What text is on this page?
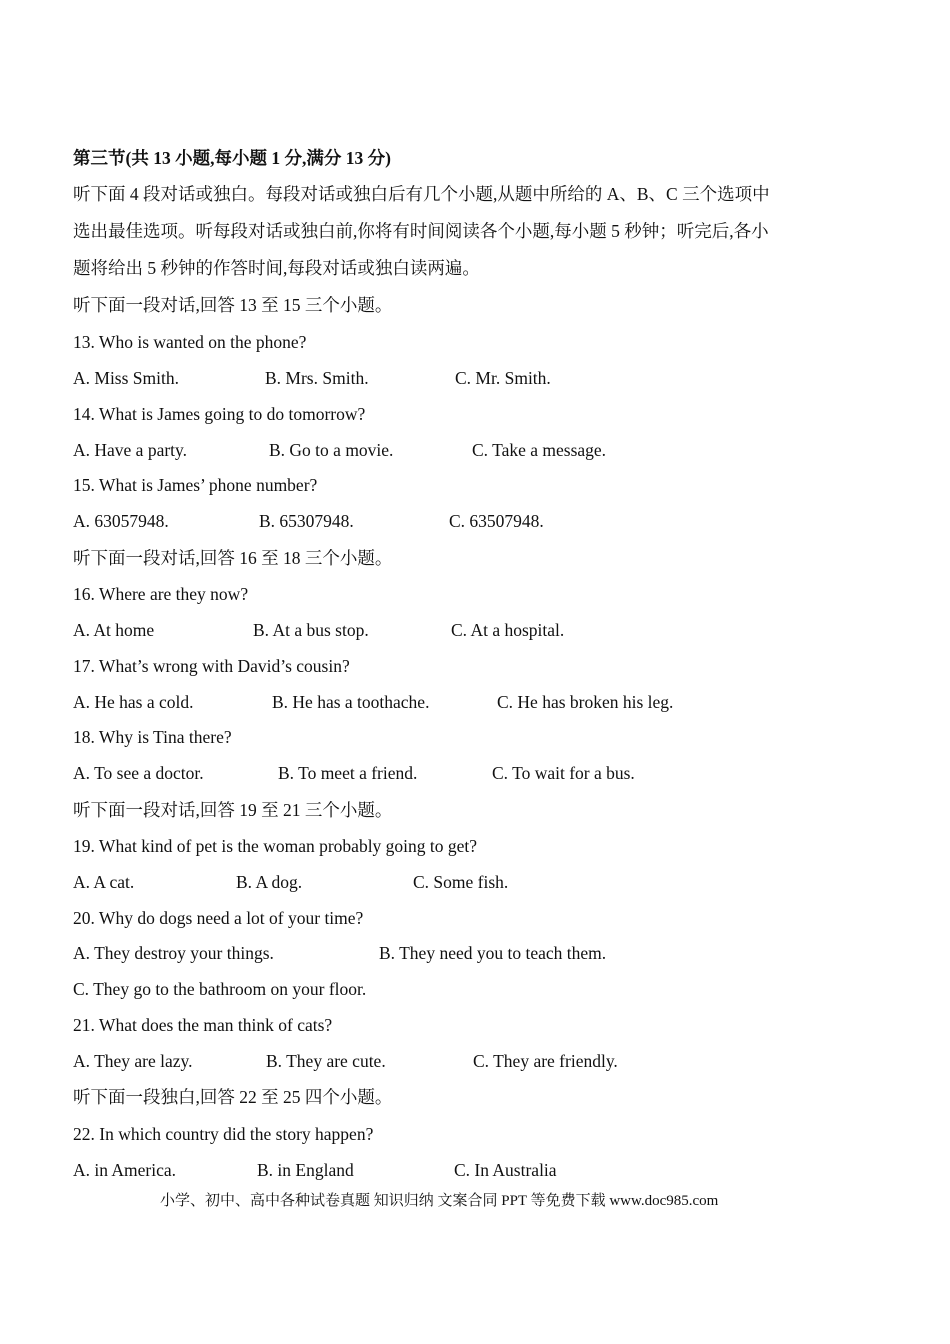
第三节(共 13 小题,每小题 1 分,满分 13 分)
听下面 4 段对话或独白。每段对话或独白后有几个小题,从题中所给的 A、B、C 三个选项中
选出最佳选项。听每段对话或独白前,你将有时间阅读各个小题,每小题 5 秒钟；听完后,各小
题将给出 5 秒钟的作答时间,每段对话或独白读两遍。
听下面一段对话,回答 13 至 15 三个小题。
13. Who is wanted on the phone?
A. Miss Smith.	B. Mrs. Smith.	C. Mr. Smith.
14. What is James going to do tomorrow?
A. Have a party.	B. Go to a movie.	C. Take a message.
15. What is James’ phone number?
A. 63057948.	B. 65307948.	C. 63507948.
听下面一段对话,回答 16 至 18 三个小题。
16. Where are they now?
A. At home	B. At a bus stop.	C. At a hospital.
17. What’s wrong with David’s cousin?
A. He has a cold.	B. He has a toothache.	C. He has broken his leg.
18. Why is Tina there?
A. To see a doctor.	B. To meet a friend.	C. To wait for a bus.
听下面一段对话,回答 19 至 21 三个小题。
19. What kind of pet is the woman probably going to get?
A. A cat.	B. A dog.	C. Some fish.
20. Why do dogs need a lot of your time?
A. They destroy your things.	B. They need you to teach them.
C. They go to the bathroom on your floor.
21. What does the man think of cats?
A. They are lazy.	B. They are cute.	C. They are friendly.
听下面一段独白,回答 22 至 25 四个小题。
22. In which country did the story happen?
A. in America.	B. in England	C. In Australia
小学、初中、高中各种试卷真题 知识归纳 文案合同 PPT 等免费下载 www.doc985.com
